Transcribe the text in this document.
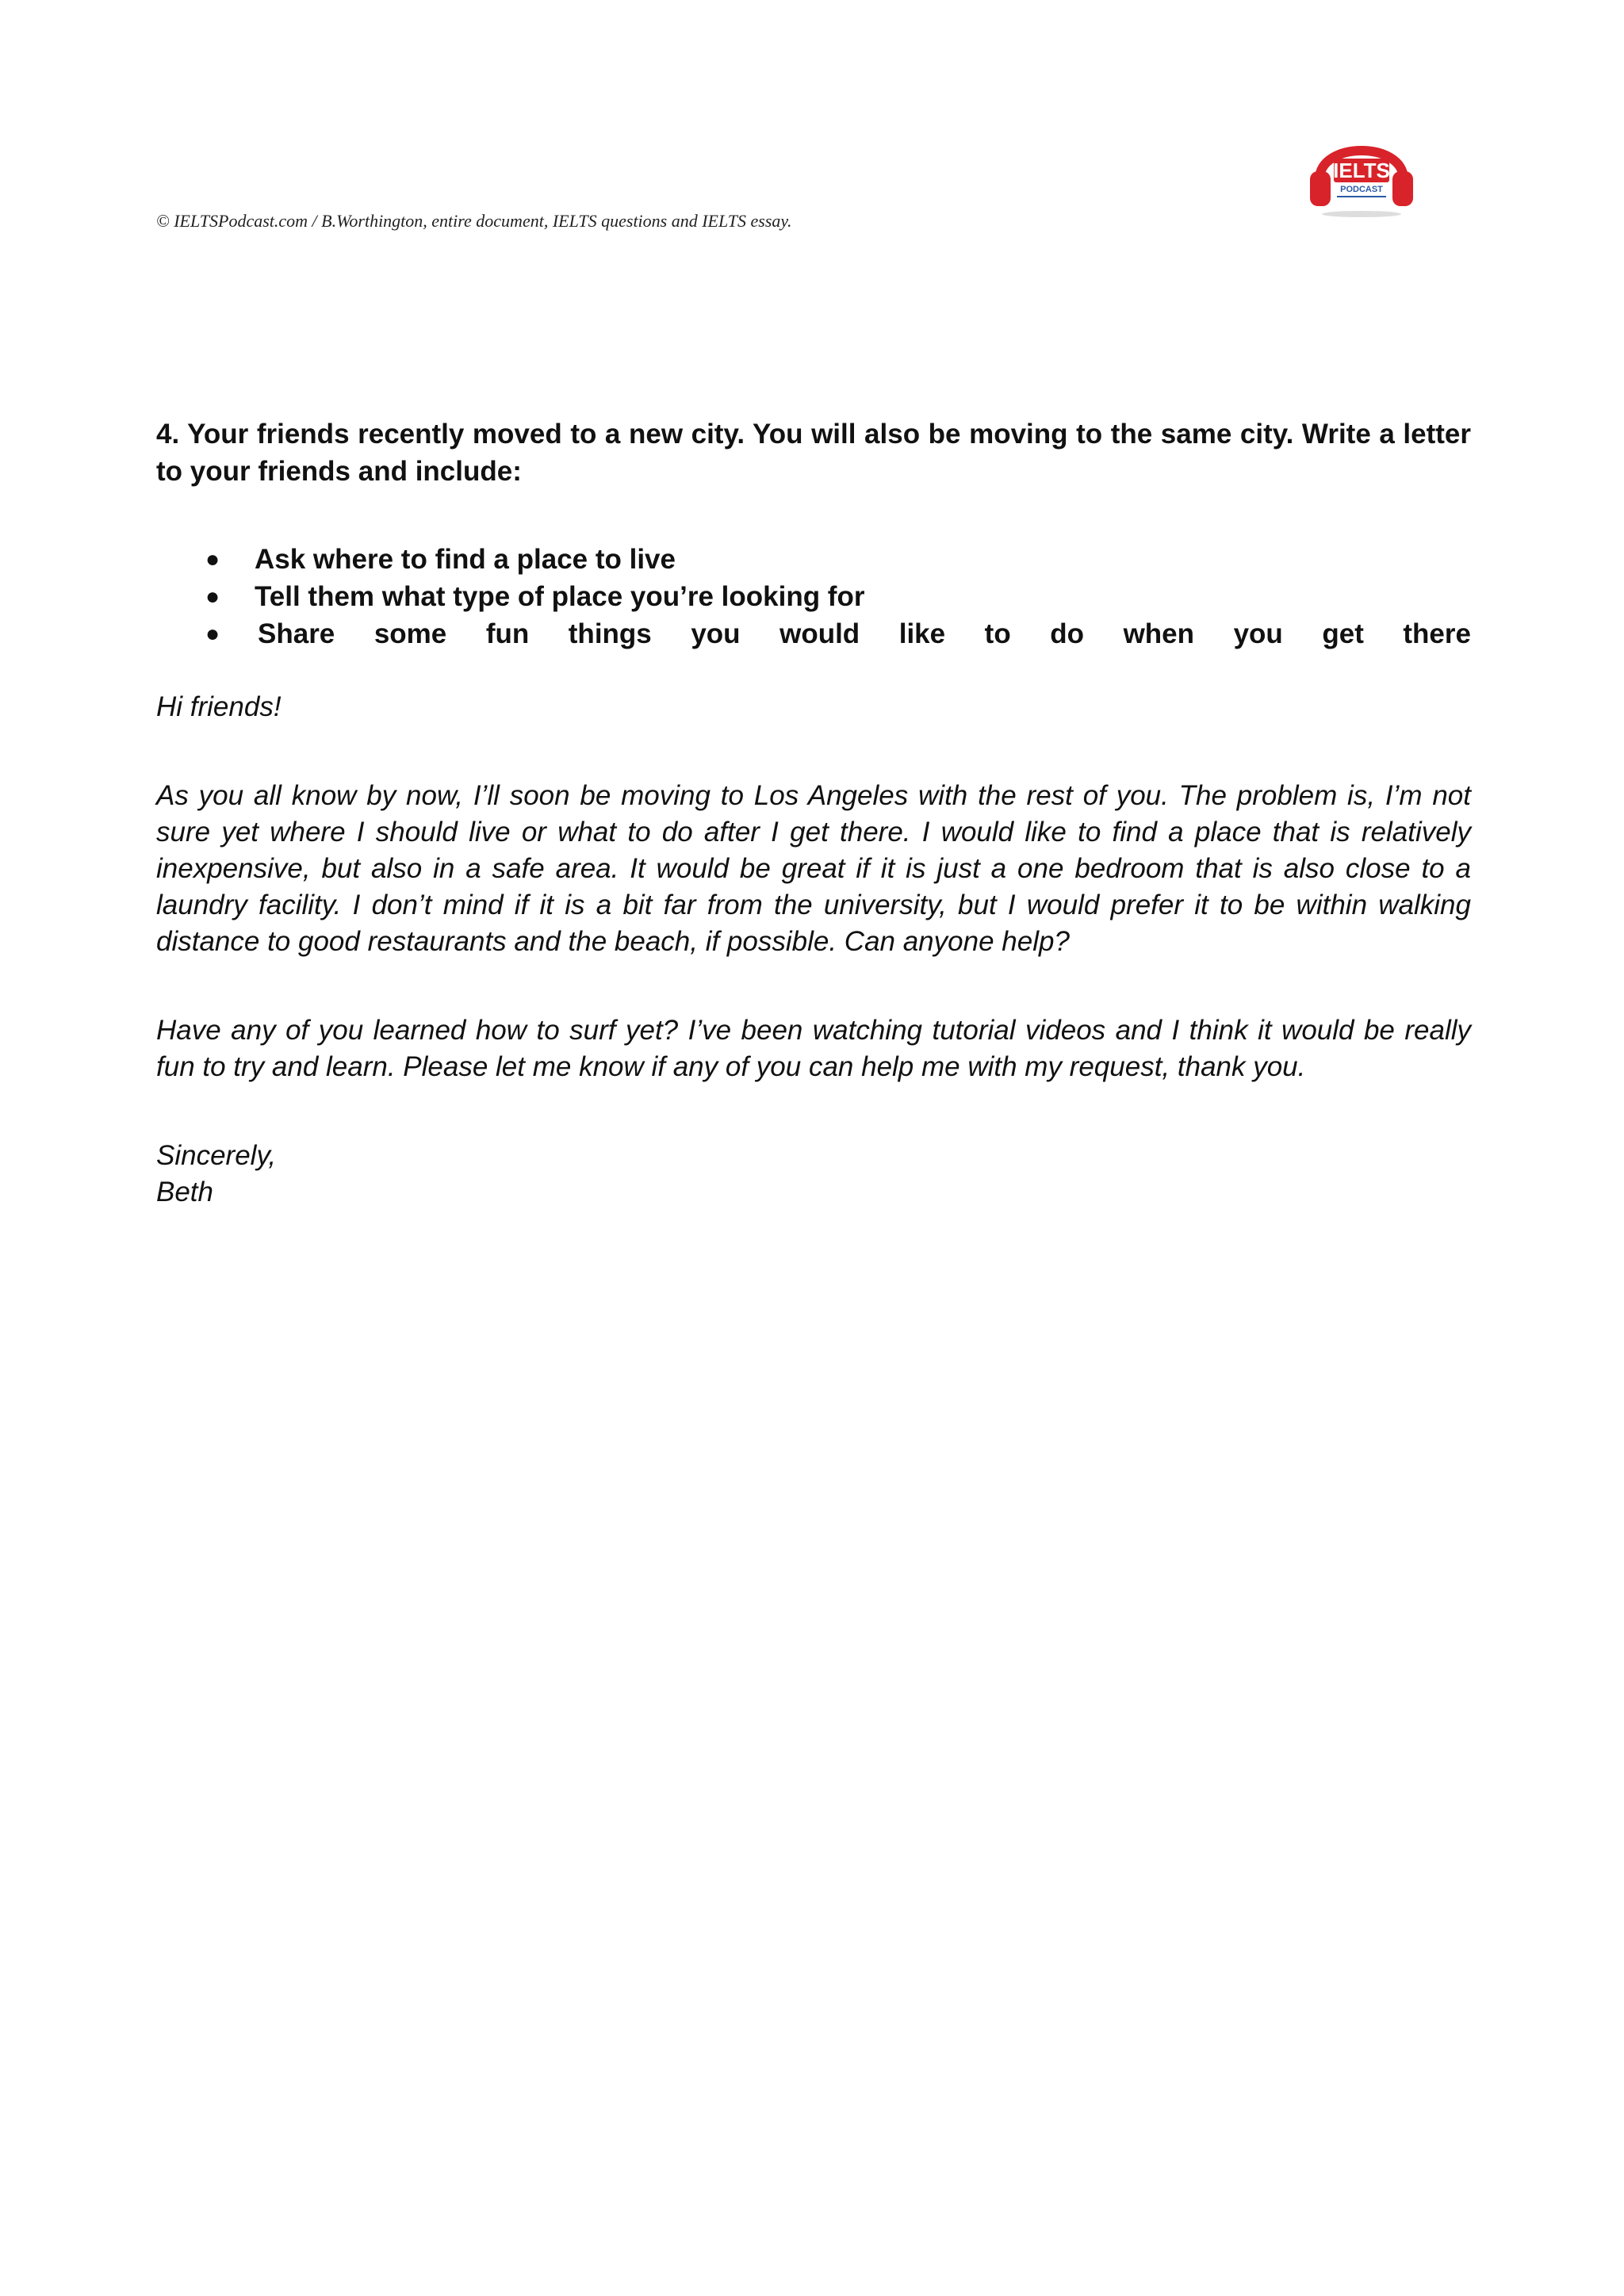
IELTS
PODCAST
© IELTSPodcast.com / B.Worthington, entire document, IELTS questions and IELTS essay.

4. Your friends recently moved to a new city. You will also be moving to the same city. Write a letter to your friends and include:

● Ask where to find a place to live
● Tell them what type of place you’re looking for
● Share some fun things you would like to do when you get there

Hi friends!

As you all know by now, I’ll soon be moving to Los Angeles with the rest of you. The problem is, I’m not sure yet where I should live or what to do after I get there. I would like to find a place that is relatively inexpensive, but also in a safe area. It would be great if it is just a one bedroom that is also close to a laundry facility. I don’t mind if it is a bit far from the university, but I would prefer it to be within walking distance to good restaurants and the beach, if possible. Can anyone help?

Have any of you learned how to surf yet? I’ve been watching tutorial videos and I think it would be really fun to try and learn. Please let me know if any of you can help me with my request, thank you.

Sincerely,

Beth
